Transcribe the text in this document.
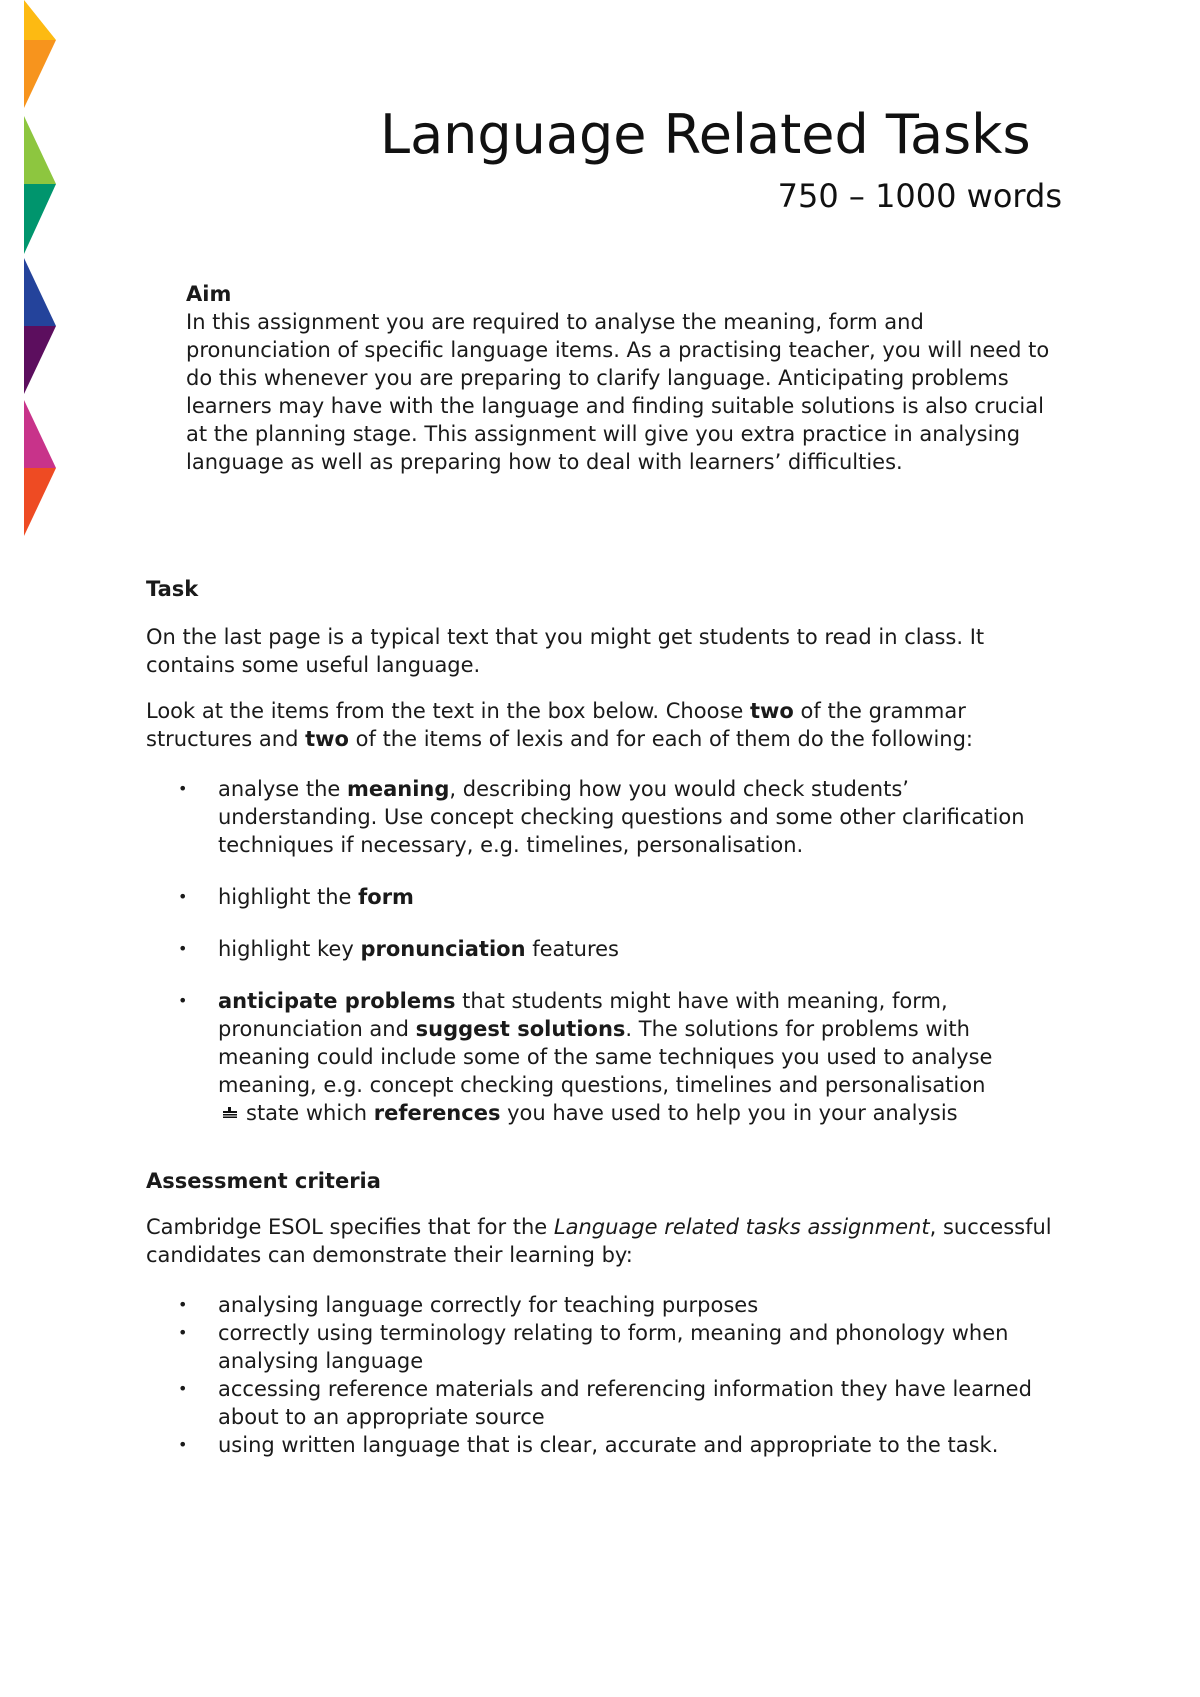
Language Related Tasks
750 – 1000 words

Aim

In this assignment you are required to analyse the meaning, form and pronunciation of specific language items. As a practising teacher, you will need to do this whenever you are preparing to clarify language. Anticipating problems learners may have with the language and finding suitable solutions is also crucial at the planning stage. This assignment will give you extra practice in analysing language as well as preparing how to deal with learners’ difficulties.

Task

On the last page is a typical text that you might get students to read in class. It contains some useful language.

Look at the items from the text in the box below. Choose two of the grammar structures and two of the items of lexis and for each of them do the following:

• analyse the meaning, describing how you would check students’ understanding. Use concept checking questions and some other clarification techniques if necessary, e.g. timelines, personalisation.
• highlight the form
• highlight key pronunciation features
• anticipate problems that students might have with meaning, form, pronunciation and suggest solutions. The solutions for problems with meaning could include some of the same techniques you used to analyse meaning, e.g. concept checking questions, timelines and personalisation
state which references you have used to help you in your analysis

Assessment criteria

Cambridge ESOL specifies that for the Language related tasks assignment, successful candidates can demonstrate their learning by:

• analysing language correctly for teaching purposes
• correctly using terminology relating to form, meaning and phonology when analysing language
• accessing reference materials and referencing information they have learned about to an appropriate source
• using written language that is clear, accurate and appropriate to the task.
